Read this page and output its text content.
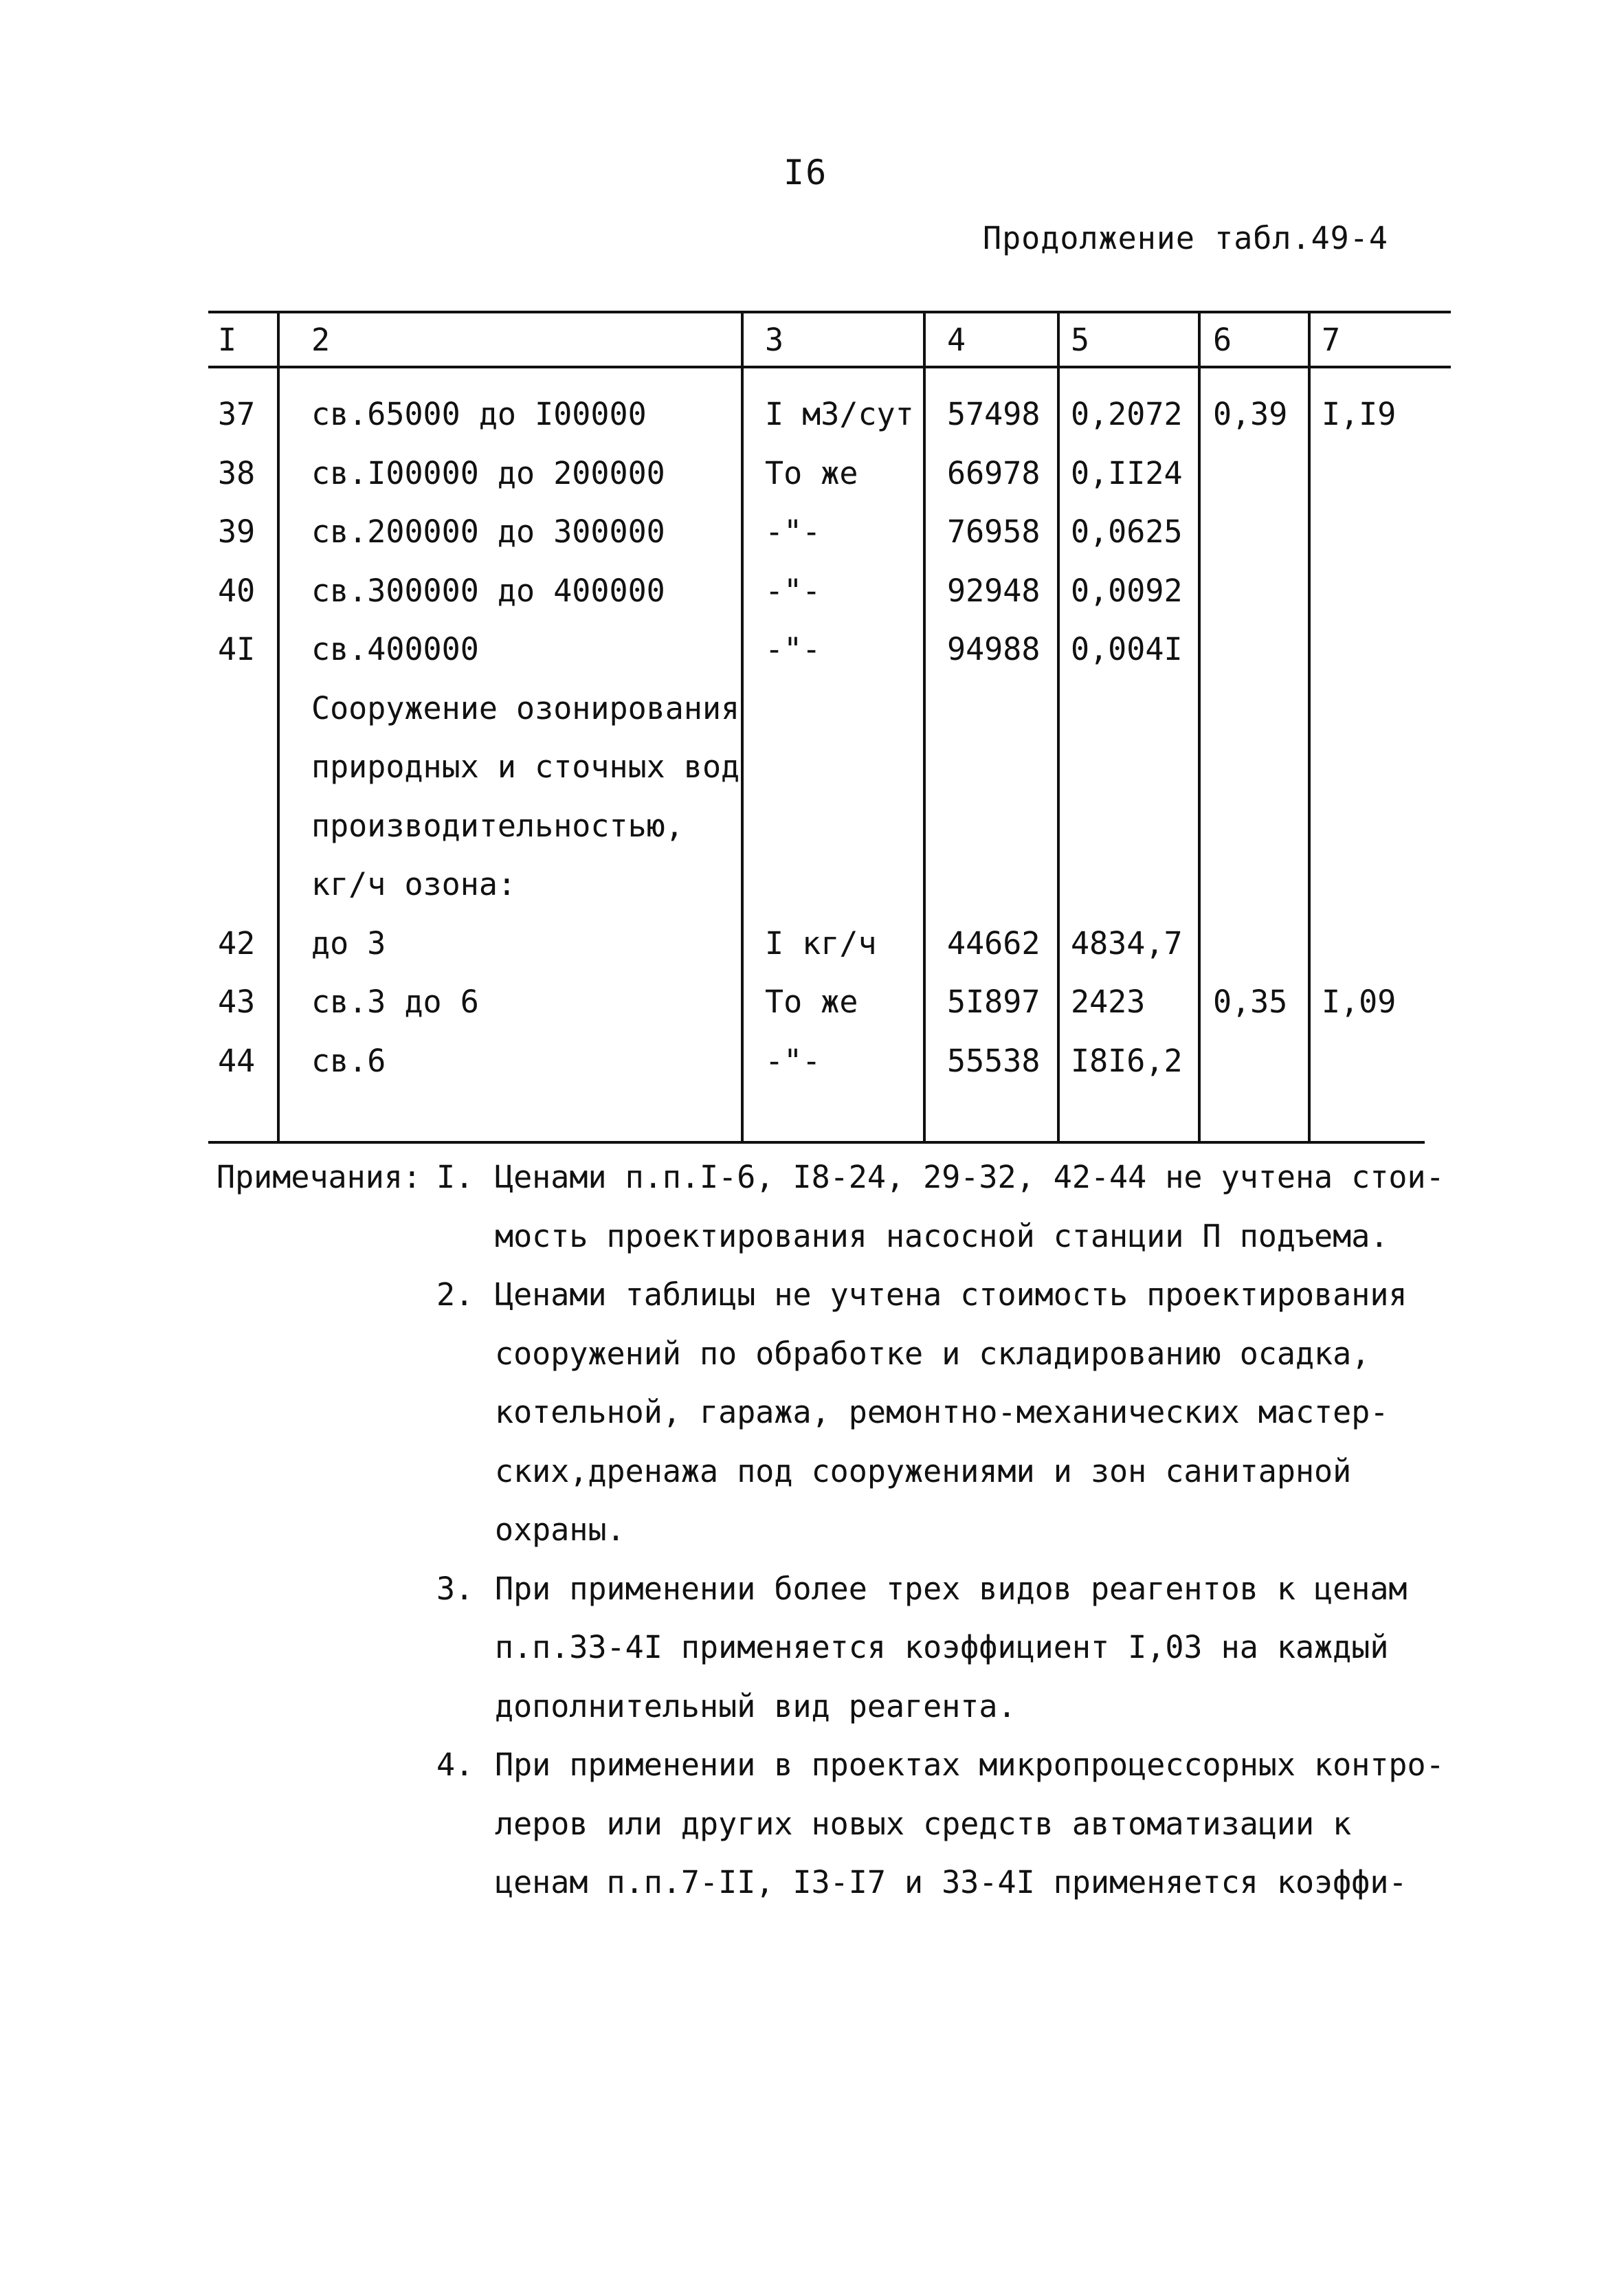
I6
Продолжение табл.49-4
I 2	3	4	5	6	7
37 св.65000 до I00000	I м3/сут 57498 0,2072 0,39 I,I9
38 св.I00000 до 200000	То же	66978 0,II24
39 св.200000 до 300000	-"-	76958 0,0625
40 св.300000 до 400000	-"-	92948 0,0092
4I св.400000	-"-	94988 0,004I
Сооружение озонирования
природных и сточных вод
производительностью,
кг/ч озона:
42 до 3	I кг/ч 44662 4834,7
43 св.3 до 6	То же	5I897 2423 0,35 I,09
44 св.6	-"-	55538 I8I6,2
Примечания: I. Ценами п.п.I-6, I8-24, 29-32, 42-44 не учтена стои-
мость проектирования насосной станции П подъема.
2. Ценами таблицы не учтена стоимость проектирования
сооружений по обработке и складированию осадка,
котельной, гаража, ремонтно-механических мастер-
ских,дренажа под сооружениями и зон санитарной
охраны.
3. При применении более трех видов реагентов к ценам
п.п.33-4I применяется коэффициент I,03 на каждый
дополнительный вид реагента.
4. При применении в проектах микропроцессорных контро-
леров или других новых средств автоматизации к
ценам п.п.7-II, I3-I7 и 33-4I применяется коэффи-
